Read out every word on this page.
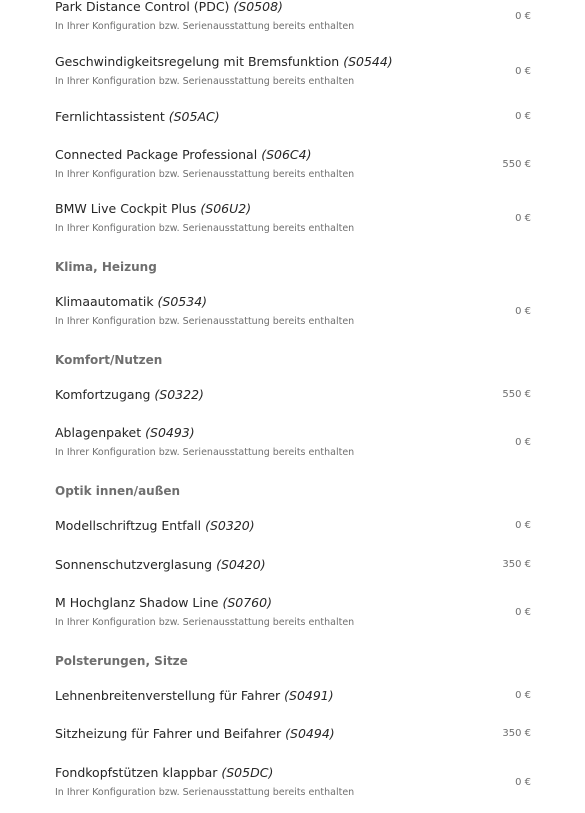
Park Distance Control (PDC) (S0508)
In Ihrer Konfiguration bzw. Serienausstattung bereits enthalten
0 €
Geschwindigkeitsregelung mit Bremsfunktion (S0544)
In Ihrer Konfiguration bzw. Serienausstattung bereits enthalten
0 €
Fernlichtassistent (S05AC)	0 €
Connected Package Professional (S06C4)
In Ihrer Konfiguration bzw. Serienausstattung bereits enthalten
550 €
BMW Live Cockpit Plus (S06U2)
In Ihrer Konfiguration bzw. Serienausstattung bereits enthalten
0 €
Klima, Heizung
Klimaautomatik (S0534)
In Ihrer Konfiguration bzw. Serienausstattung bereits enthalten
0 €
Komfort/Nutzen
Komfortzugang (S0322)	550 €
Ablagenpaket (S0493)
In Ihrer Konfiguration bzw. Serienausstattung bereits enthalten
0 €
Optik innen/außen
Modellschriftzug Entfall (S0320)	0 €
Sonnenschutzverglasung (S0420)	350 €
M Hochglanz Shadow Line (S0760)
In Ihrer Konfiguration bzw. Serienausstattung bereits enthalten
0 €
Polsterungen, Sitze
Lehnenbreitenverstellung für Fahrer (S0491)	0 €
Sitzheizung für Fahrer und Beifahrer (S0494)	350 €
Fondkopfstützen klappbar (S05DC)
In Ihrer Konfiguration bzw. Serienausstattung bereits enthalten
0 €
